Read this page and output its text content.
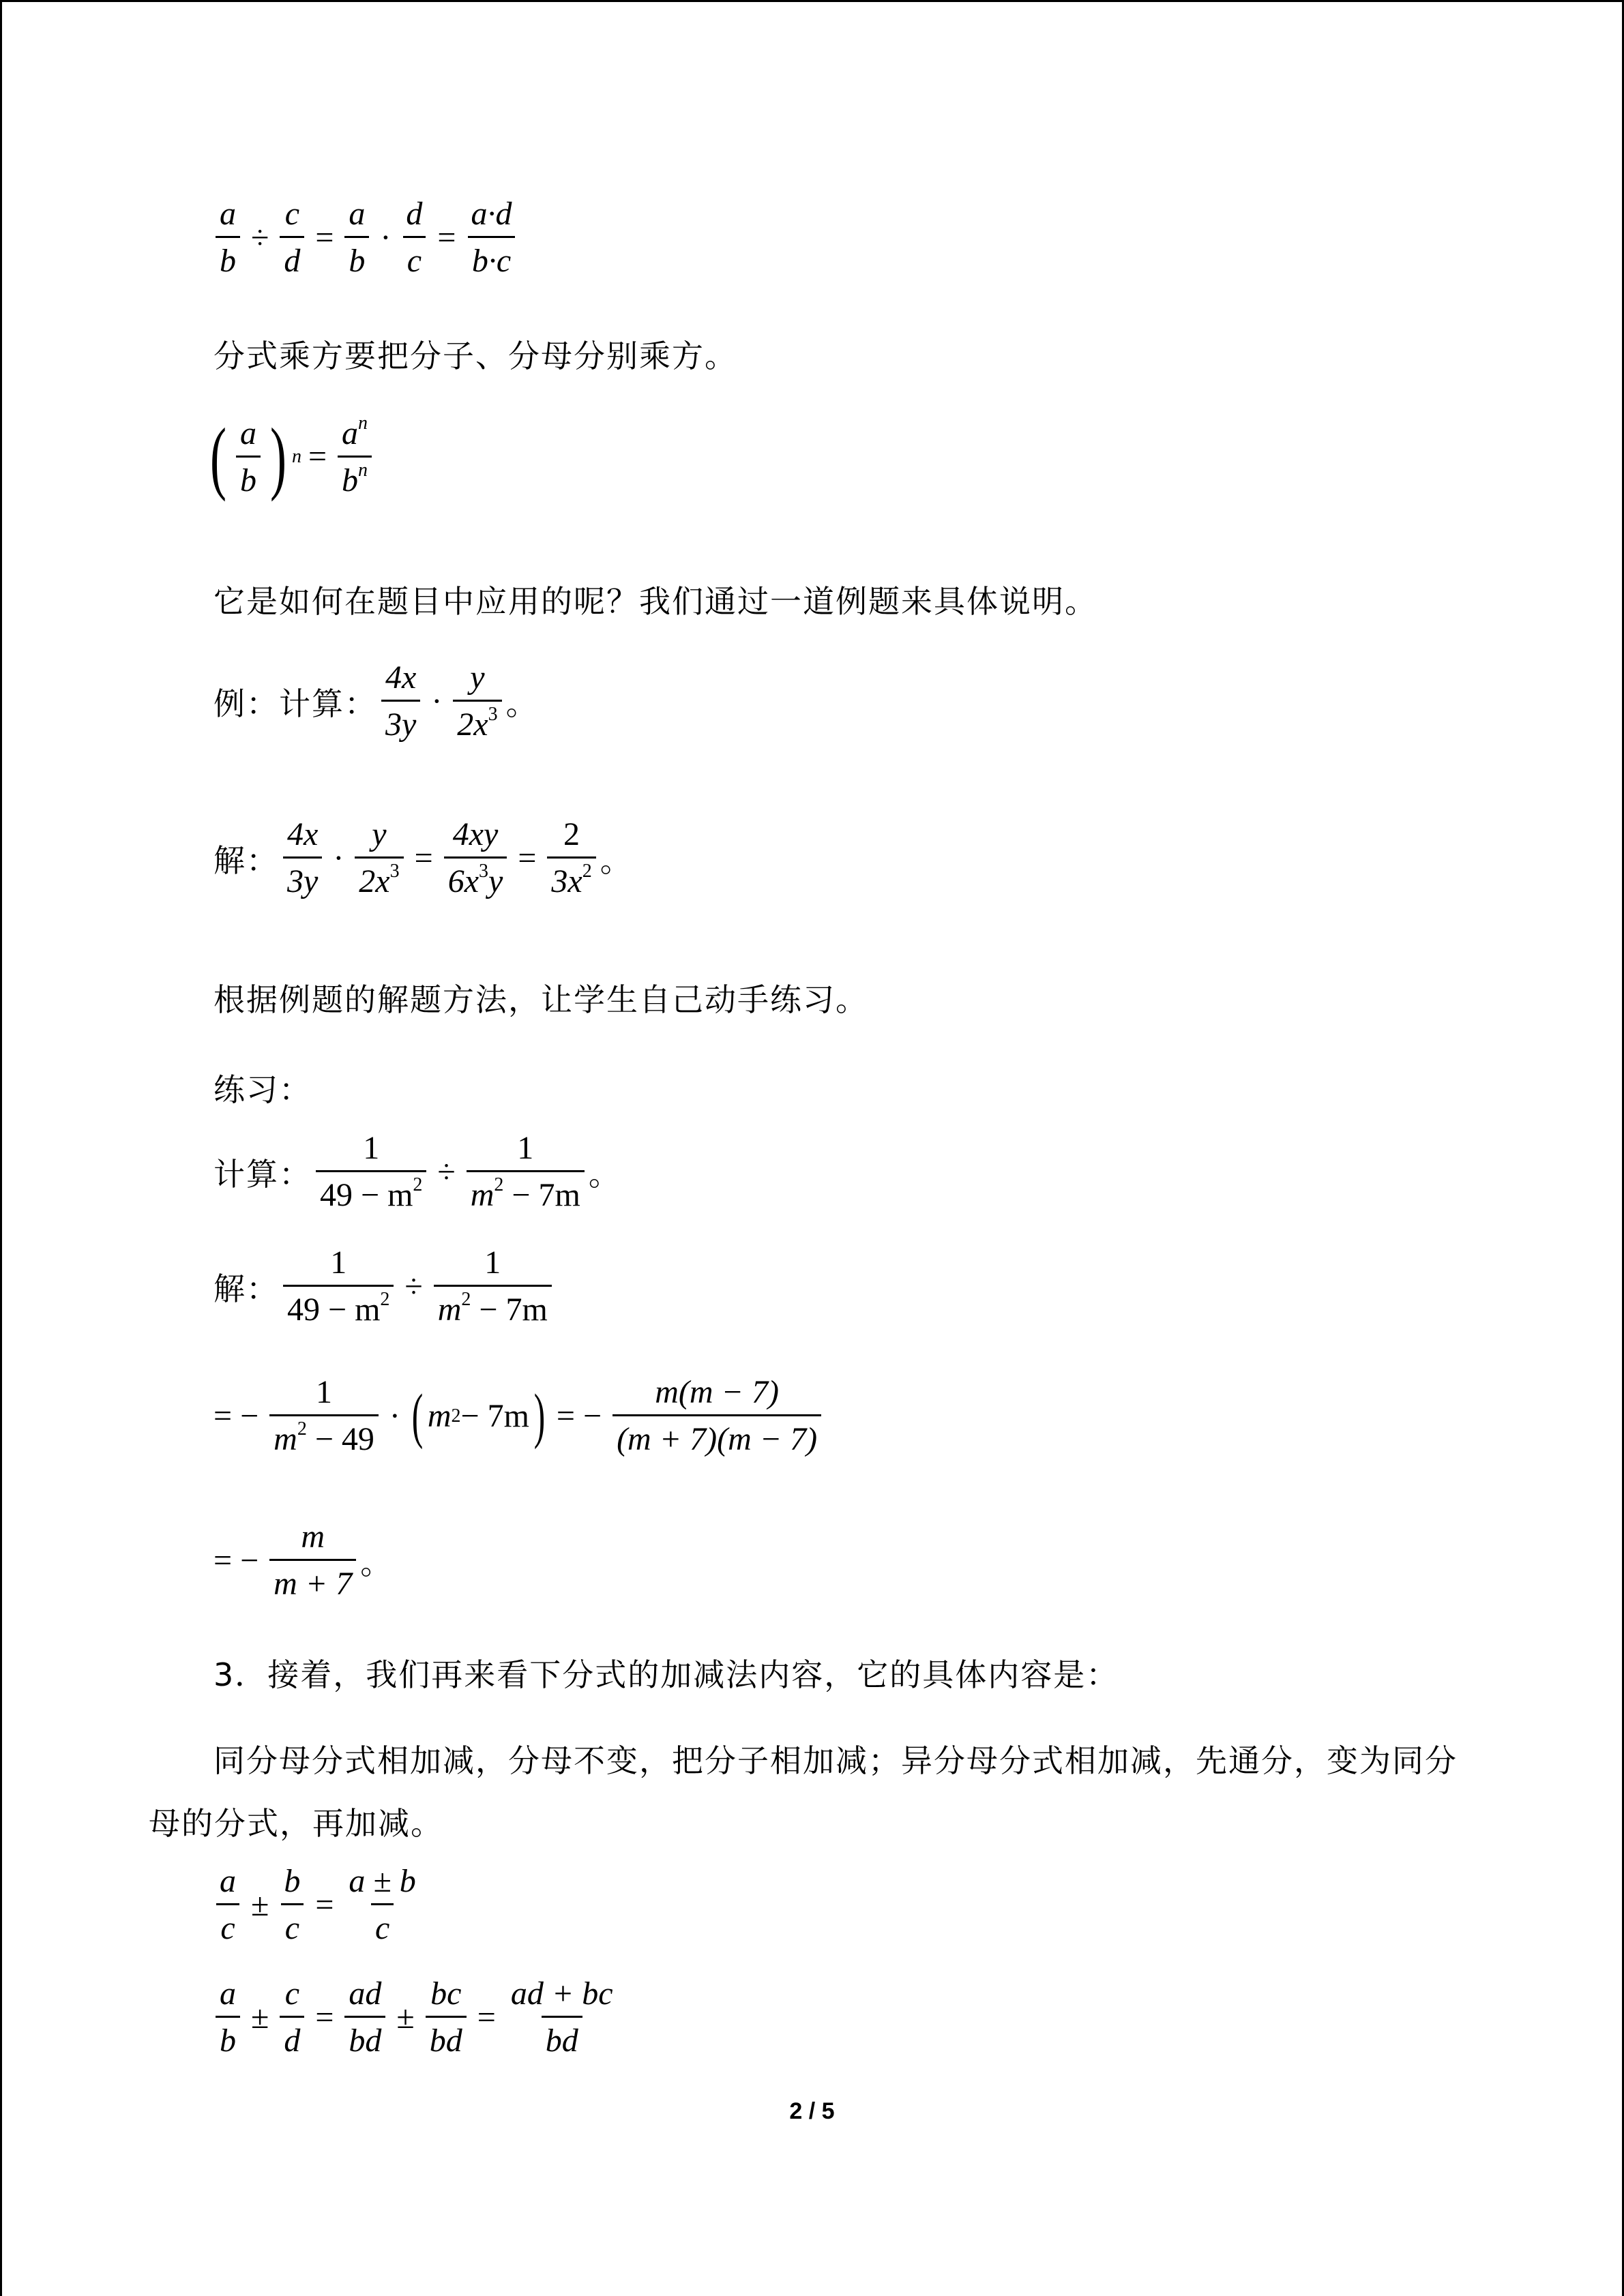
$\frac{a}{b} \div \frac{c}{d} = \frac{a}{b} \cdot \frac{d}{c} = \frac{a\cdot d}{b\cdot c}$
分式乘方要把分子、分母分别乘方。
( $\frac{a}{b}$ ) $n = \frac{a^n}{b^n}$
它是如何在题目中应用的呢？我们通过一道例题来具体说明。
例：计算： $\frac{4x}{3y} \cdot \frac{y}{2x^3}$ 。
解： $\frac{4x}{3y} \cdot \frac{y}{2x^3} = \frac{4xy}{6x^3y} = \frac{2}{3x^2}$ 。
根据例题的解题方法，让学生自己动手练习。
练习：
计算： $\frac{1}{49 - m^2} \div \frac{1}{m^2 - 7m}$ 。
解： $\frac{1}{49 - m^2} \div \frac{1}{m^2 - 7m}$
= − $\frac{1}{m^2 - 49}$ · ( m 2 − 7m ) = − $\frac{m(m - 7)}{(m + 7)(m - 7)}$
= − $\frac{m}{m + 7}$ 。
3．接着，我们再来看下分式的加减法内容，它的具体内容是：
同分母分式相加减，分母不变，把分子相加减；异分母分式相加减，先通分，变为同分
母的分式，再加减。
$\frac{a}{c} \pm \frac{b}{c} = \frac{a \pm b}{c}$
$\frac{a}{b} \pm \frac{c}{d} = \frac{ad}{bd} \pm \frac{bc}{bd} = \frac{ad + bc}{bd}$
2 / 5
